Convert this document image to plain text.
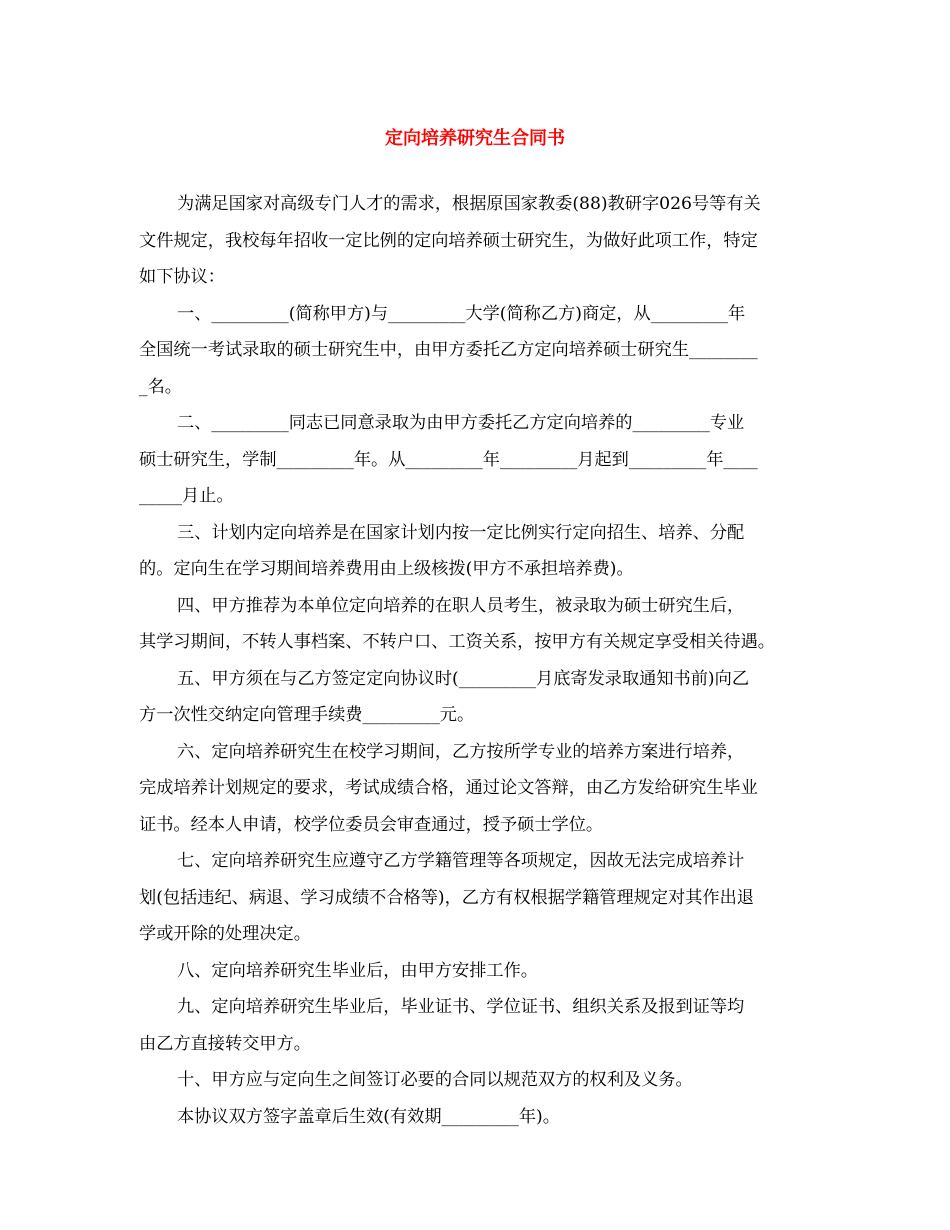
定向培养研究生合同书
为满足国家对高级专门人才的需求，根据原国家教委(88)教研字026号等有关
文件规定，我校每年招收一定比例的定向培养硕士研究生，为做好此项工作，特定
如下协议：
一、_________(简称甲方)与_________大学(简称乙方)商定，从_________年
全国统一考试录取的硕士研究生中，由甲方委托乙方定向培养硕士研究生________
_名。
二、_________同志已同意录取为由甲方委托乙方定向培养的_________专业
硕士研究生，学制_________年。从_________年_________月起到_________年____
_____月止。
三、计划内定向培养是在国家计划内按一定比例实行定向招生、培养、分配
的。定向生在学习期间培养费用由上级核拨(甲方不承担培养费)。
四、甲方推荐为本单位定向培养的在职人员考生，被录取为硕士研究生后，
其学习期间，不转人事档案、不转户口、工资关系，按甲方有关规定享受相关待遇。
五、甲方须在与乙方签定定向协议时(_________月底寄发录取通知书前)向乙
方一次性交纳定向管理手续费_________元。
六、定向培养研究生在校学习期间，乙方按所学专业的培养方案进行培养，
完成培养计划规定的要求，考试成绩合格，通过论文答辩，由乙方发给研究生毕业
证书。经本人申请，校学位委员会审查通过，授予硕士学位。
七、定向培养研究生应遵守乙方学籍管理等各项规定，因故无法完成培养计
划(包括违纪、病退、学习成绩不合格等)，乙方有权根据学籍管理规定对其作出退
学或开除的处理决定。
八、定向培养研究生毕业后，由甲方安排工作。
九、定向培养研究生毕业后，毕业证书、学位证书、组织关系及报到证等均
由乙方直接转交甲方。
十、甲方应与定向生之间签订必要的合同以规范双方的权利及义务。
本协议双方签字盖章后生效(有效期_________年)。
